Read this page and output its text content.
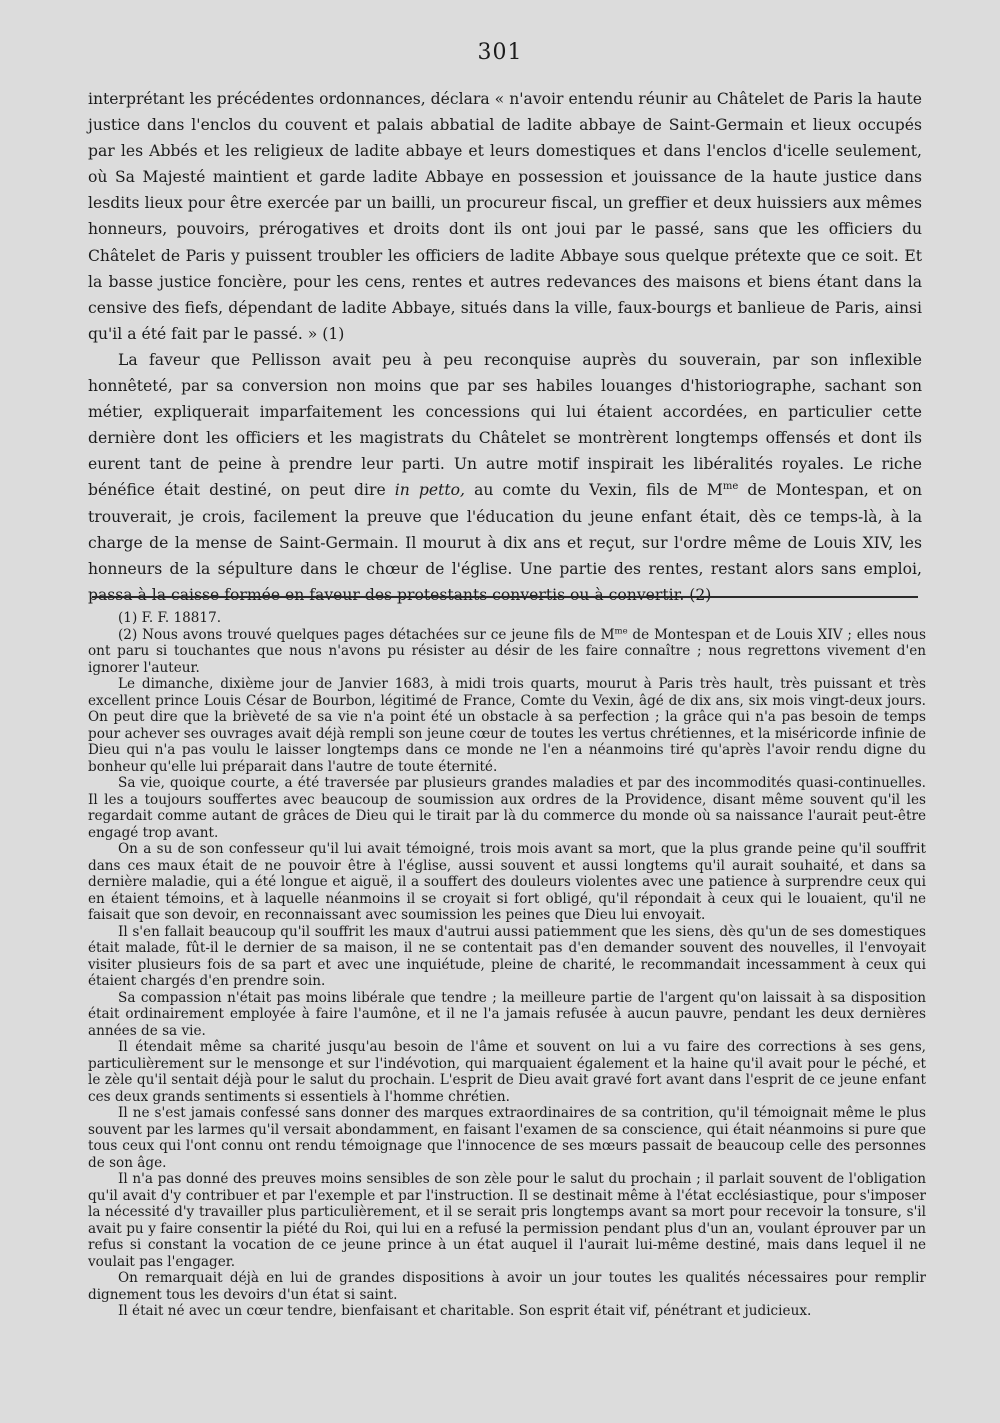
301

interprétant les précédentes ordonnances, déclara « n'avoir entendu réunir au Châtelet de Paris la haute justice dans l'enclos du couvent et palais abbatial de ladite abbaye de Saint-Germain et lieux occupés par les Abbés et les religieux de ladite abbaye et leurs domestiques et dans l'enclos d'icelle seulement, où Sa Majesté maintient et garde ladite Abbaye en possession et jouissance de la haute justice dans lesdits lieux pour être exercée par un bailli, un procureur fiscal, un greffier et deux huissiers aux mêmes honneurs, pouvoirs, prérogatives et droits dont ils ont joui par le passé, sans que les officiers du Châtelet de Paris y puissent troubler les officiers de ladite Abbaye sous quelque prétexte que ce soit. Et la basse justice foncière, pour les cens, rentes et autres redevances des maisons et biens étant dans la censive des fiefs, dépendant de ladite Abbaye, situés dans la ville, faux-bourgs et banlieue de Paris, ainsi qu'il a été fait par le passé. » (1)

La faveur que Pellisson avait peu à peu reconquise auprès du souverain, par son inflexible honnêteté, par sa conversion non moins que par ses habiles louanges d'historiographe, sachant son métier, expliquerait imparfaitement les concessions qui lui étaient accordées, en particulier cette dernière dont les officiers et les magistrats du Châtelet se montrèrent longtemps offensés et dont ils eurent tant de peine à prendre leur parti. Un autre motif inspirait les libéralités royales. Le riche bénéfice était destiné, on peut dire in petto, au comte du Vexin, fils de $M^{me}$ de Montespan, et on trouverait, je crois, facilement la preuve que l'éducation du jeune enfant était, dès ce temps-là, à la charge de la mense de Saint-Germain. Il mourut à dix ans et reçut, sur l'ordre même de Louis XIV, les honneurs de la sépulture dans le chœur de l'église. Une partie des rentes, restant alors sans emploi, passa à la caisse formée en faveur des protestants convertis ou à convertir. (2)

(1) F. F. 18817.

(2) Nous avons trouvé quelques pages détachées sur ce jeune fils de $M^{me}$ de Montespan et de Louis XIV ; elles nous ont paru si touchantes que nous n'avons pu résister au désir de les faire connaître ; nous regrettons vivement d'en ignorer l'auteur.

Le dimanche, dixième jour de Janvier 1683, à midi trois quarts, mourut à Paris très hault, très puissant et très excellent prince Louis César de Bourbon, légitimé de France, Comte du Vexin, âgé de dix ans, six mois vingt-deux jours. On peut dire que la brièveté de sa vie n'a point été un obstacle à sa perfection ; la grâce qui n'a pas besoin de temps pour achever ses ouvrages avait déjà rempli son jeune cœur de toutes les vertus chrétiennes, et la miséricorde infinie de Dieu qui n'a pas voulu le laisser longtemps dans ce monde ne l'en a néanmoins tiré qu'après l'avoir rendu digne du bonheur qu'elle lui préparait dans l'autre de toute éternité.

Sa vie, quoique courte, a été traversée par plusieurs grandes maladies et par des incommodités quasi-continuelles. Il les a toujours souffertes avec beaucoup de soumission aux ordres de la Providence, disant même souvent qu'il les regardait comme autant de grâces de Dieu qui le tirait par là du commerce du monde où sa naissance l'aurait peut-être engagé trop avant.

On a su de son confesseur qu'il lui avait témoigné, trois mois avant sa mort, que la plus grande peine qu'il souffrit dans ces maux était de ne pouvoir être à l'église, aussi souvent et aussi longtems qu'il aurait souhaité, et dans sa dernière maladie, qui a été longue et aiguë, il a souffert des douleurs violentes avec une patience à surprendre ceux qui en étaient témoins, et à laquelle néanmoins il se croyait si fort obligé, qu'il répondait à ceux qui le louaient, qu'il ne faisait que son devoir, en reconnaissant avec soumission les peines que Dieu lui envoyait.

Il s'en fallait beaucoup qu'il souffrit les maux d'autrui aussi patiemment que les siens, dès qu'un de ses domestiques était malade, fût-il le dernier de sa maison, il ne se contentait pas d'en demander souvent des nouvelles, il l'envoyait visiter plusieurs fois de sa part et avec une inquiétude, pleine de charité, le recommandait incessamment à ceux qui étaient chargés d'en prendre soin.

Sa compassion n'était pas moins libérale que tendre ; la meilleure partie de l'argent qu'on laissait à sa disposition était ordinairement employée à faire l'aumône, et il ne l'a jamais refusée à aucun pauvre, pendant les deux dernières années de sa vie.

Il étendait même sa charité jusqu'au besoin de l'âme et souvent on lui a vu faire des corrections à ses gens, particulièrement sur le mensonge et sur l'indévotion, qui marquaient également et la haine qu'il avait pour le péché, et le zèle qu'il sentait déjà pour le salut du prochain. L'esprit de Dieu avait gravé fort avant dans l'esprit de ce jeune enfant ces deux grands sentiments si essentiels à l'homme chrétien.

Il ne s'est jamais confessé sans donner des marques extraordinaires de sa contrition, qu'il témoignait même le plus souvent par les larmes qu'il versait abondamment, en faisant l'examen de sa conscience, qui était néanmoins si pure que tous ceux qui l'ont connu ont rendu témoignage que l'innocence de ses mœurs passait de beaucoup celle des personnes de son âge.

Il n'a pas donné des preuves moins sensibles de son zèle pour le salut du prochain ; il parlait souvent de l'obligation qu'il avait d'y contribuer et par l'exemple et par l'instruction. Il se destinait même à l'état ecclésiastique, pour s'imposer la nécessité d'y travailler plus particulièrement, et il se serait pris longtemps avant sa mort pour recevoir la tonsure, s'il avait pu y faire consentir la piété du Roi, qui lui en a refusé la permission pendant plus d'un an, voulant éprouver par un refus si constant la vocation de ce jeune prince à un état auquel il l'aurait lui-même destiné, mais dans lequel il ne voulait pas l'engager.

On remarquait déjà en lui de grandes dispositions à avoir un jour toutes les qualités nécessaires pour remplir dignement tous les devoirs d'un état si saint.

Il était né avec un cœur tendre, bienfaisant et charitable. Son esprit était vif, pénétrant et judicieux.
